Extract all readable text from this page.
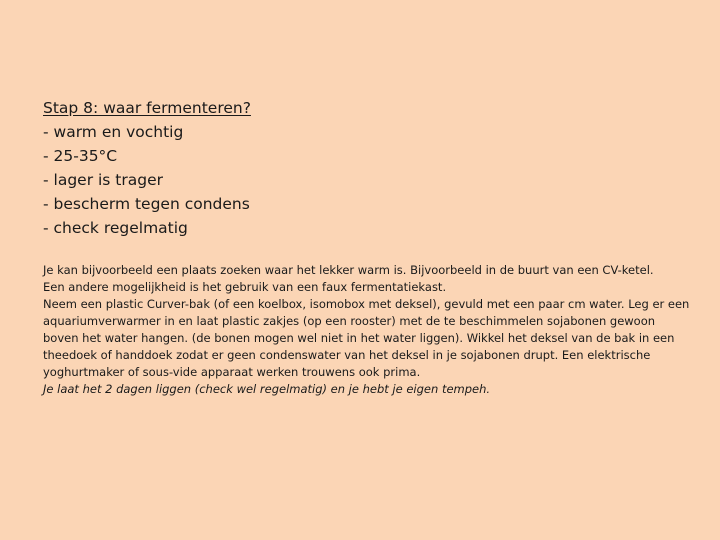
Stap 8: waar fermenteren?
- warm en vochtig
- 25-35°C
- lager is trager
- bescherm tegen condens
- check regelmatig

Je kan bijvoorbeeld een plaats zoeken waar het lekker warm is. Bijvoorbeeld in de buurt van een CV-ketel.
Een andere mogelijkheid is het gebruik van een faux fermentatiekast.

Neem een plastic Curver-bak (of een koelbox, isomobox met deksel), gevuld met een paar cm water. Leg er een
aquariumverwarmer in en laat plastic zakjes (op een rooster) met de te beschimmelen sojabonen gewoon
boven het water hangen. (de bonen mogen wel niet in het water liggen). Wikkel het deksel van de bak in een
theedoek of handdoek zodat er geen condenswater van het deksel in je sojabonen drupt. Een elektrische
yoghurtmaker of sous-vide apparaat werken trouwens ook prima.

Je laat het 2 dagen liggen (check wel regelmatig) en je hebt je eigen tempeh.
